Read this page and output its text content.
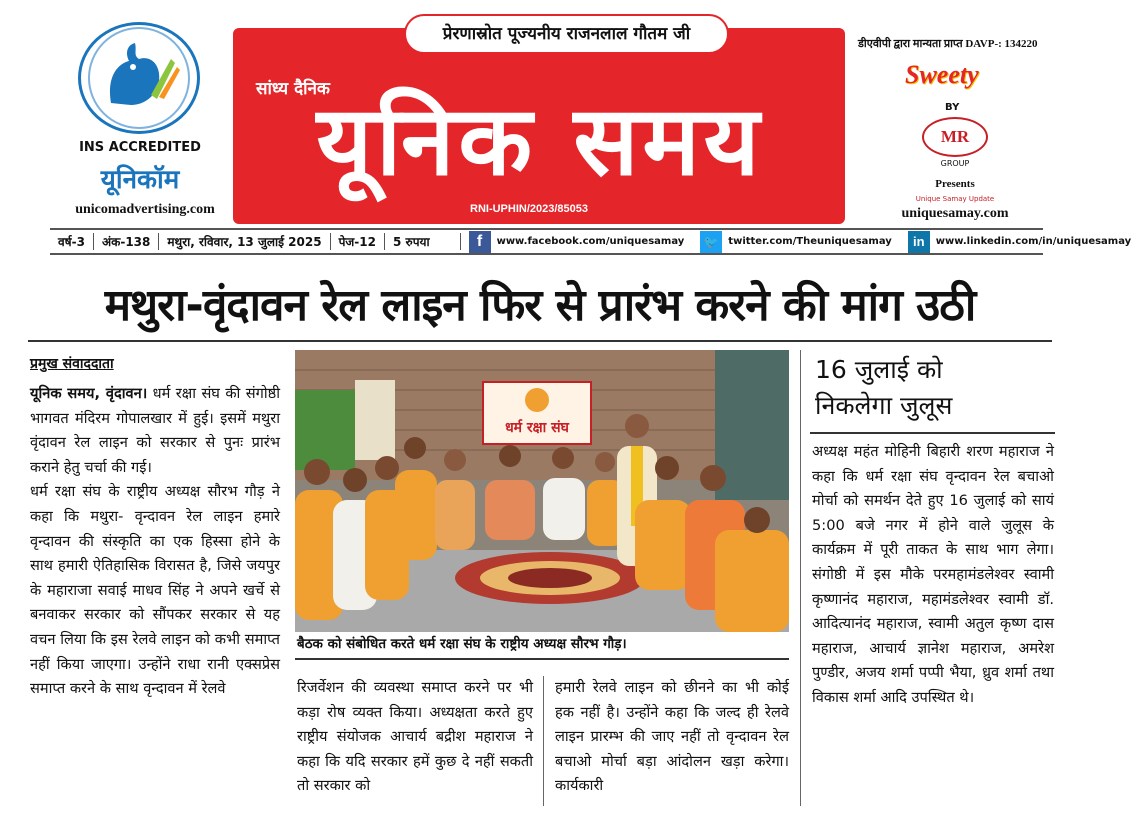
INS ACCREDITED
यूनिकॉम
unicomadvertising.com
प्रेरणास्रोत पूज्यनीय राजनलाल गौतम जी
सांध्य दैनिक
यूनिक समय
RNI-UPHIN/2023/85053
डीएवीपी द्वारा मान्यता प्राप्त DAVP-: 134220
Sweety
BY
MR
GROUP
Presents
Unique Samay Update
uniquesamay.com
वर्ष-3	अंक-138	मथुरा, रविवार, 13 जुलाई 2025	पेज-12	5 रुपया	f	www.facebook.com/uniquesamay 🐦 twitter.com/Theuniquesamay	in	www.linkedin.com/in/uniquesamay
मथुरा-वृंदावन रेल लाइन फिर से प्रारंभ करने की मांग उठी
प्रमुख संवाददाता

यूनिक समय, वृंदावन। धर्म रक्षा संघ की संगोष्ठी भागवत मंदिरम गोपालखार में हुई। इसमें मथुरा वृंदावन रेल लाइन को सरकार से पुनः प्रारंभ कराने हेतु चर्चा की गई।

धर्म रक्षा संघ के राष्ट्रीय अध्यक्ष सौरभ गौड़ ने कहा कि मथुरा- वृन्दावन रेल लाइन हमारे वृन्दावन की संस्कृति का एक हिस्सा होने के साथ हमारी ऐतिहासिक विरासत है, जिसे जयपुर के महाराजा सवाई माधव सिंह ने अपने खर्चे से बनवाकर सरकार को सौंपकर सरकार से यह वचन लिया कि इस रेलवे लाइन को कभी समाप्त नहीं किया जाएगा। उन्होंने राधा रानी एक्सप्रेस समाप्त करने के साथ वृन्दावन में रेलवे

धर्म रक्षा संघ
बैठक को संबोधित करते धर्म रक्षा संघ के राष्ट्रीय अध्यक्ष सौरभ गौड़।

रिजर्वेशन की व्यवस्था समाप्त करने पर भी कड़ा रोष व्यक्त किया। अध्यक्षता करते हुए राष्ट्रीय संयोजक आचार्य बद्रीश महाराज ने कहा कि यदि सरकार हमें कुछ दे नहीं सकती तो सरकार को

हमारी रेलवे लाइन को छीनने का भी कोई हक नहीं है। उन्होंने कहा कि जल्द ही रेलवे लाइन प्रारम्भ की जाए नहीं तो वृन्दावन रेल बचाओ मोर्चा बड़ा आंदोलन खड़ा करेगा। कार्यकारी

16 जुलाई को
निकलेगा जुलूस

अध्यक्ष महंत मोहिनी बिहारी शरण महाराज ने कहा कि धर्म रक्षा संघ वृन्दावन रेल बचाओ मोर्चा को समर्थन देते हुए 16 जुलाई को सायं 5:00 बजे नगर में होने वाले जुलूस के कार्यक्रम में पूरी ताकत के साथ भाग लेगा। संगोष्ठी में इस मौके परमहामंडलेश्वर स्वामी कृष्णानंद महाराज, महामंडलेश्वर स्वामी डॉ. आदित्यानंद महाराज, स्वामी अतुल कृष्ण दास महाराज, आचार्य ज्ञानेश महाराज, अमरेश पुण्डीर, अजय शर्मा पप्पी भैया, ध्रुव शर्मा तथा विकास शर्मा आदि उपस्थित थे।
